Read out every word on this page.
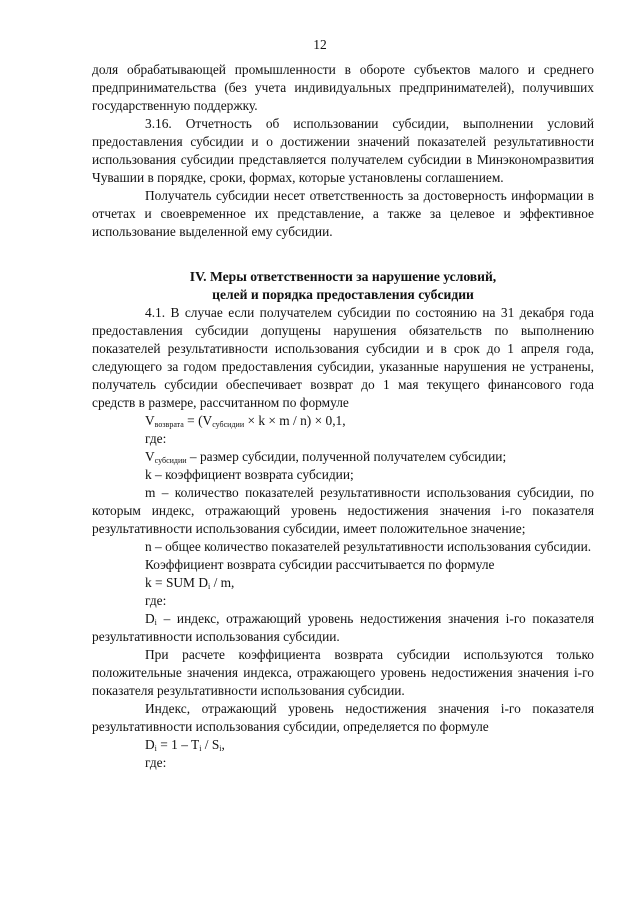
12

доля обрабатывающей промышленности в обороте субъектов малого и среднего предпринимательства (без учета индивидуальных предпринимателей), получивших государственную поддержку.

3.16. Отчетность об использовании субсидии, выполнении условий предоставления субсидии и о достижении значений показателей результативности использования субсидии представляется получателем субсидии в Минэкономразвития Чувашии в порядке, сроки, формах, которые установлены соглашением.

Получатель субсидии несет ответственность за достоверность информации в отчетах и своевременное их представление, а также за целевое и эффективное использование выделенной ему субсидии.

IV. Меры ответственности за нарушение условий,
целей и порядка предоставления субсидии

4.1. В случае если получателем субсидии по состоянию на 31 декабря года предоставления субсидии допущены нарушения обязательств по выполнению показателей результативности использования субсидии и в срок до 1 апреля года, следующего за годом предоставления субсидии, указанные нарушения не устранены, получатель субсидии обеспечивает возврат до 1 мая текущего финансового года средств в размере, рассчитанном по формуле

$V_{возврата} = (V_{субсидии} \times k \times m / n) \times 0,1$,

где:

$V_{субсидии}$ – размер субсидии, полученной получателем субсидии;

k – коэффициент возврата субсидии;

m – количество показателей результативности использования субсидии, по которым индекс, отражающий уровень недостижения значения i-го показателя результативности использования субсидии, имеет положительное значение;

n – общее количество показателей результативности использования субсидии.

Коэффициент возврата субсидии рассчитывается по формуле

k = SUM $D_i$ / m,

где:

$D_i$ – индекс, отражающий уровень недостижения значения i-го показателя результативности использования субсидии.

При расчете коэффициента возврата субсидии используются только положительные значения индекса, отражающего уровень недостижения значения i-го показателя результативности использования субсидии.

Индекс, отражающий уровень недостижения значения i-го показателя результативности использования субсидии, определяется по формуле

$D_i = 1 - T_i / S_i$,

где:
